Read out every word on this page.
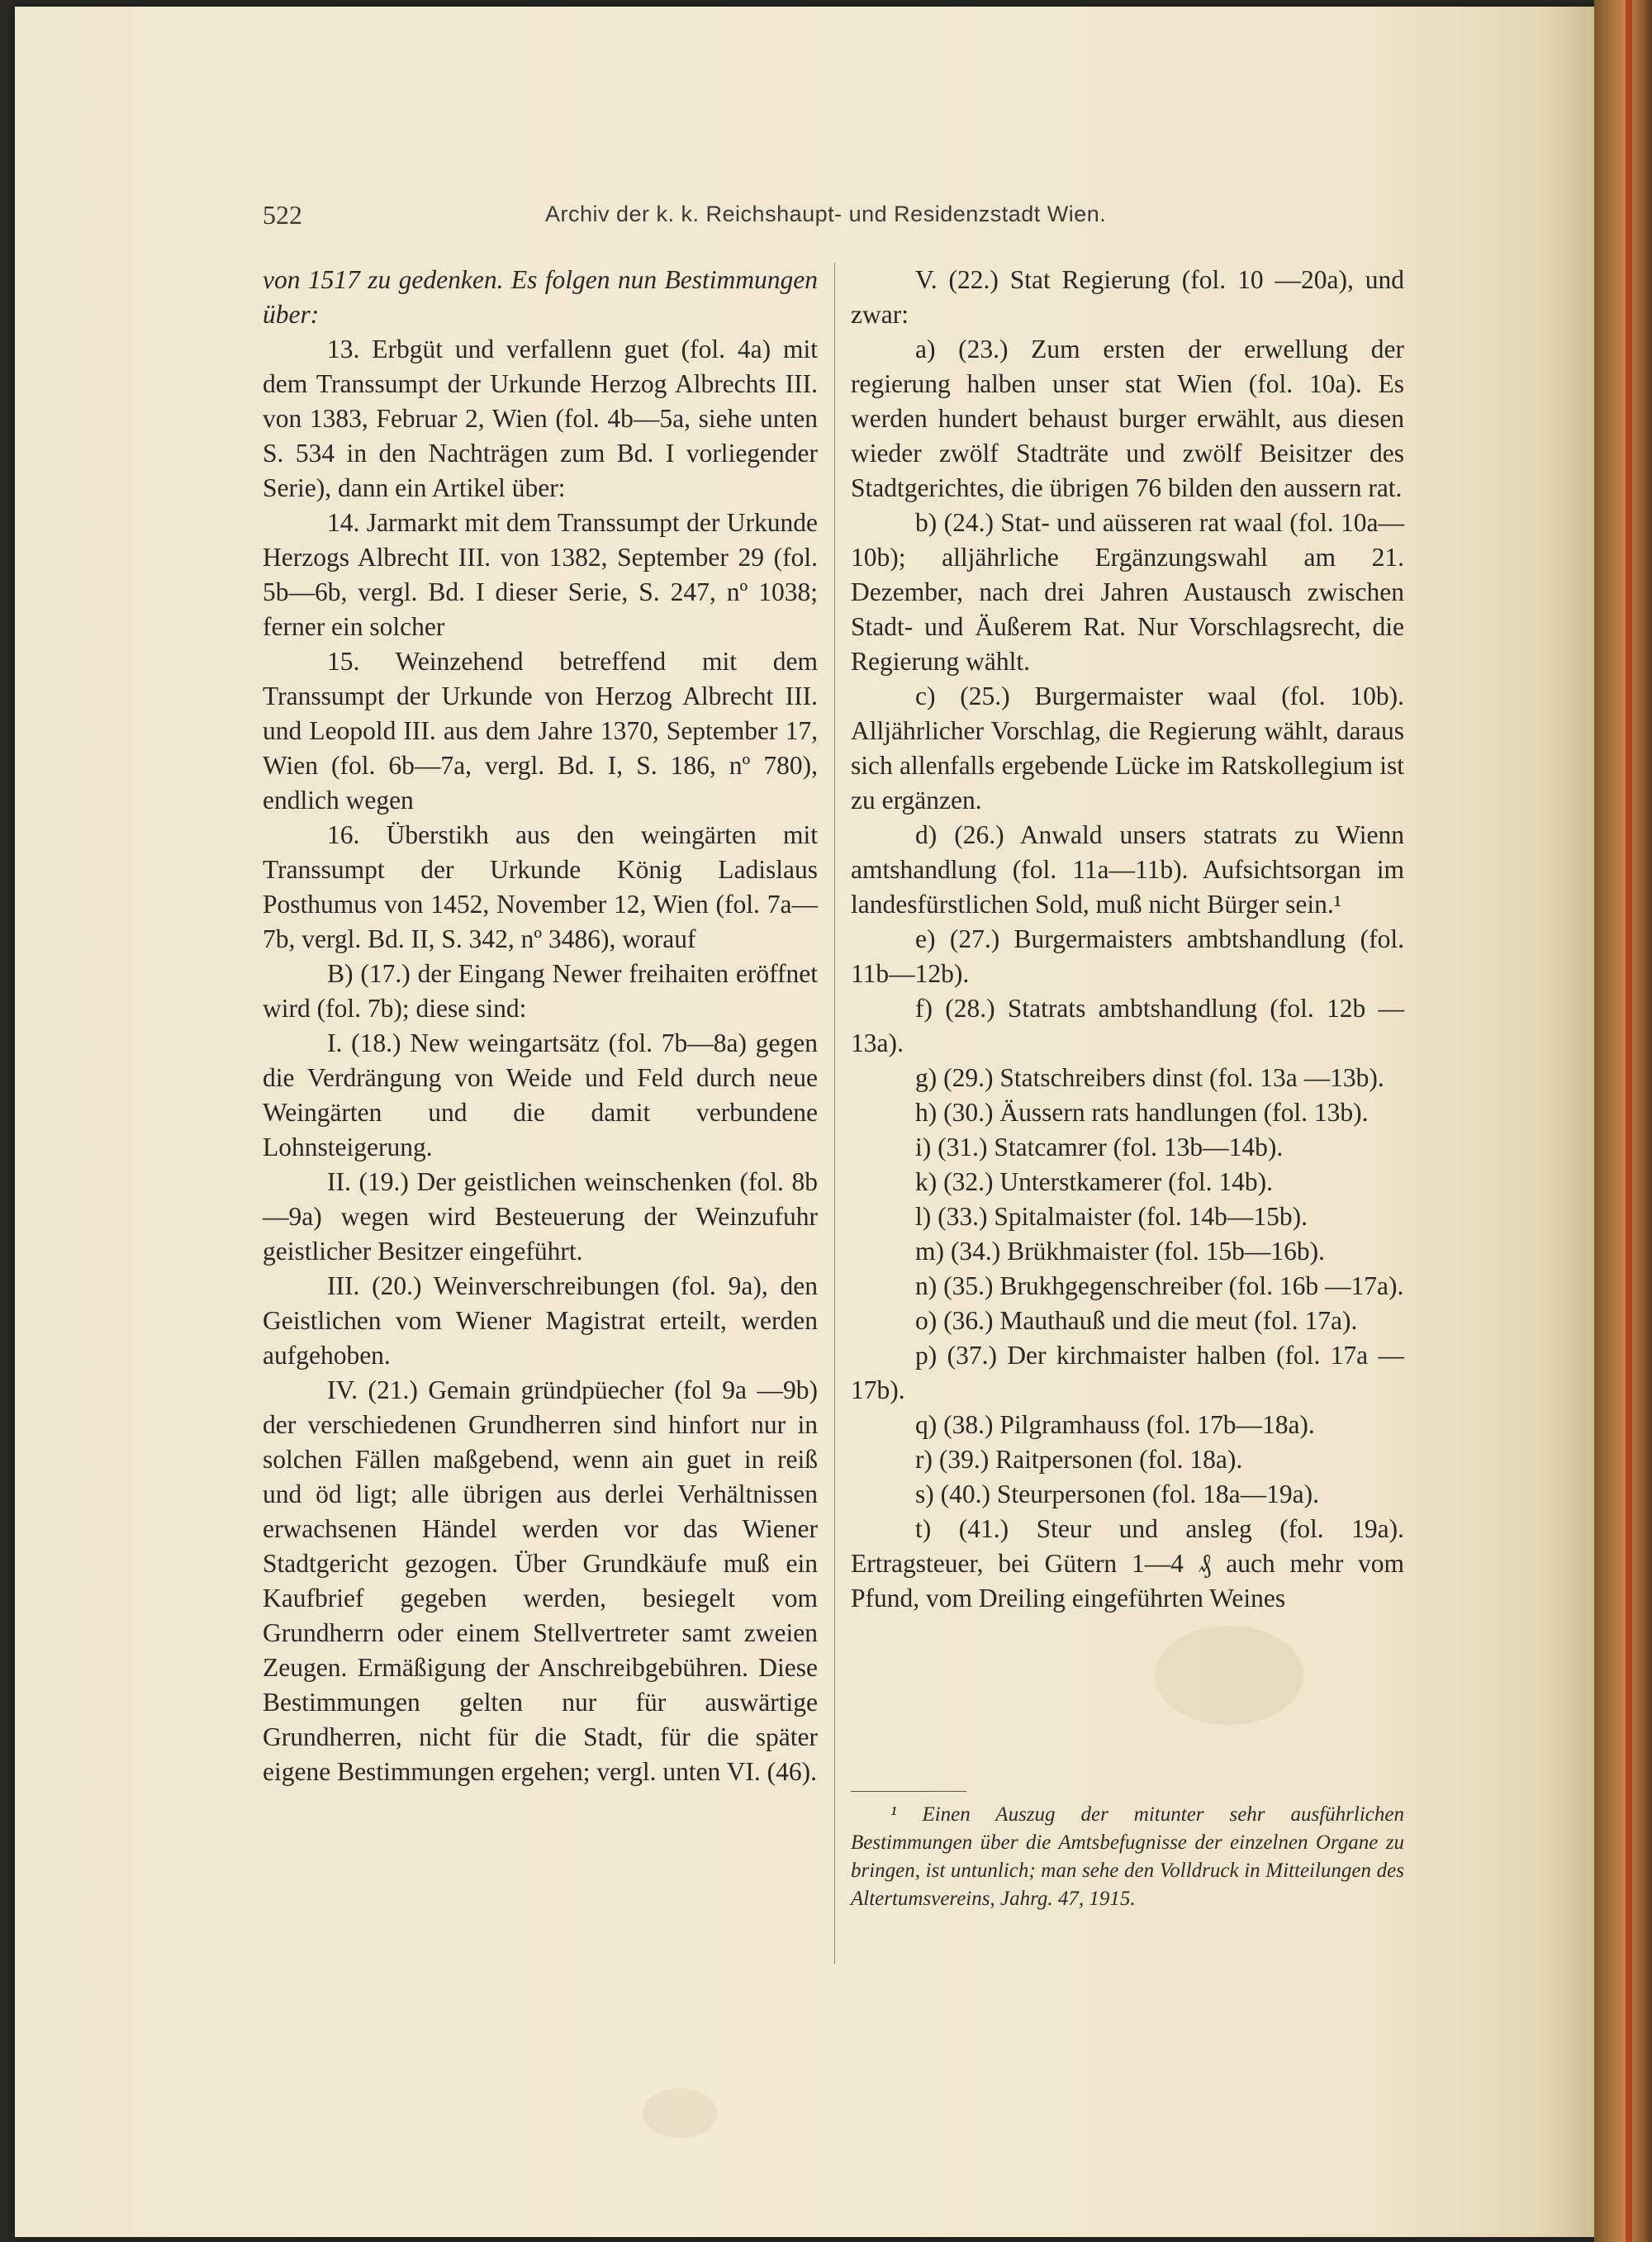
522	Archiv der k. k. Reichshaupt- und Residenzstadt Wien.

von 1517 zu gedenken. Es folgen nun Bestimmungen über:

13. Erbgüt und verfallenn guet (fol. 4a) mit dem Transsumpt der Urkunde Herzog Albrechts III. von 1383, Februar 2, Wien (fol. 4b—5a, siehe unten S. 534 in den Nachträgen zum Bd. I vorliegender Serie), dann ein Artikel über:

14. Jarmarkt mit dem Transsumpt der Urkunde Herzogs Albrecht III. von 1382, September 29 (fol. 5b—6b, vergl. Bd. I dieser Serie, S. 247, nº 1038; ferner ein solcher

15. Weinzehend betreffend mit dem Transsumpt der Urkunde von Herzog Albrecht III. und Leopold III. aus dem Jahre 1370, September 17, Wien (fol. 6b—7a, vergl. Bd. I, S. 186, nº 780), endlich wegen

16. Überstikh aus den weingärten mit Transsumpt der Urkunde König Ladislaus Posthumus von 1452, November 12, Wien (fol. 7a—7b, vergl. Bd. II, S. 342, nº 3486), worauf

B) (17.) der Eingang Newer freihaiten eröffnet wird (fol. 7b); diese sind:

I. (18.) New weingartsätz (fol. 7b—8a) gegen die Verdrängung von Weide und Feld durch neue Weingärten und die damit verbundene Lohnsteigerung.

II. (19.) Der geistlichen weinschenken (fol. 8b—9a) wegen wird Besteuerung der Weinzufuhr geistlicher Besitzer eingeführt.

III. (20.) Weinverschreibungen (fol. 9a), den Geistlichen vom Wiener Magistrat erteilt, werden aufgehoben.

IV. (21.) Gemain gründpüecher (fol 9a —9b) der verschiedenen Grundherren sind hinfort nur in solchen Fällen maßgebend, wenn ain guet in reiß und öd ligt; alle übrigen aus derlei Verhältnissen erwachsenen Händel werden vor das Wiener Stadtgericht gezogen. Über Grundkäufe muß ein Kaufbrief gegeben werden, besiegelt vom Grundherrn oder einem Stellvertreter samt zweien Zeugen. Ermäßigung der Anschreibgebühren. Diese Bestimmungen gelten nur für auswärtige Grundherren, nicht für die Stadt, für die später eigene Bestimmungen ergehen; vergl. unten VI. (46).

V. (22.) Stat Regierung (fol. 10 —20a), und zwar:

a) (23.) Zum ersten der erwellung der regierung halben unser stat Wien (fol. 10a). Es werden hundert behaust burger erwählt, aus diesen wieder zwölf Stadträte und zwölf Beisitzer des Stadtgerichtes, die übrigen 76 bilden den aussern rat.

b) (24.) Stat- und aüsseren rat waal (fol. 10a—10b); alljährliche Ergänzungswahl am 21. Dezember, nach drei Jahren Austausch zwischen Stadt- und Äußerem Rat. Nur Vorschlagsrecht, die Regierung wählt.

c) (25.) Burgermaister waal (fol. 10b). Alljährlicher Vorschlag, die Regierung wählt, daraus sich allenfalls ergebende Lücke im Ratskollegium ist zu ergänzen.

d) (26.) Anwald unsers statrats zu Wienn amtshandlung (fol. 11a—11b). Aufsichtsorgan im landesfürstlichen Sold, muß nicht Bürger sein.¹

e) (27.) Burgermaisters ambtshandlung (fol. 11b—12b).

f) (28.) Statrats ambtshandlung (fol. 12b —13a).

g) (29.) Statschreibers dinst (fol. 13a —13b).

h) (30.) Äussern rats handlungen (fol. 13b).

i) (31.) Statcamrer (fol. 13b—14b).

k) (32.) Unterstkamerer (fol. 14b).

l) (33.) Spitalmaister (fol. 14b—15b).

m) (34.) Brükhmaister (fol. 15b—16b).

n) (35.) Brukhgegenschreiber (fol. 16b —17a).

o) (36.) Mauthauß und die meut (fol. 17a).

p) (37.) Der kirchmaister halben (fol. 17a —17b).

q) (38.) Pilgramhauss (fol. 17b—18a).

r) (39.) Raitpersonen (fol. 18a).

s) (40.) Steurpersonen (fol. 18a—19a).

t) (41.) Steur und ansleg (fol. 19a). Ertragsteuer, bei Gütern 1—4 ₰ auch mehr vom Pfund, vom Dreiling eingeführten Weines

¹ Einen Auszug der mitunter sehr ausführlichen Bestimmungen über die Amtsbefugnisse der einzelnen Organe zu bringen, ist untunlich; man sehe den Volldruck in Mitteilungen des Altertumsvereins, Jahrg. 47, 1915.
